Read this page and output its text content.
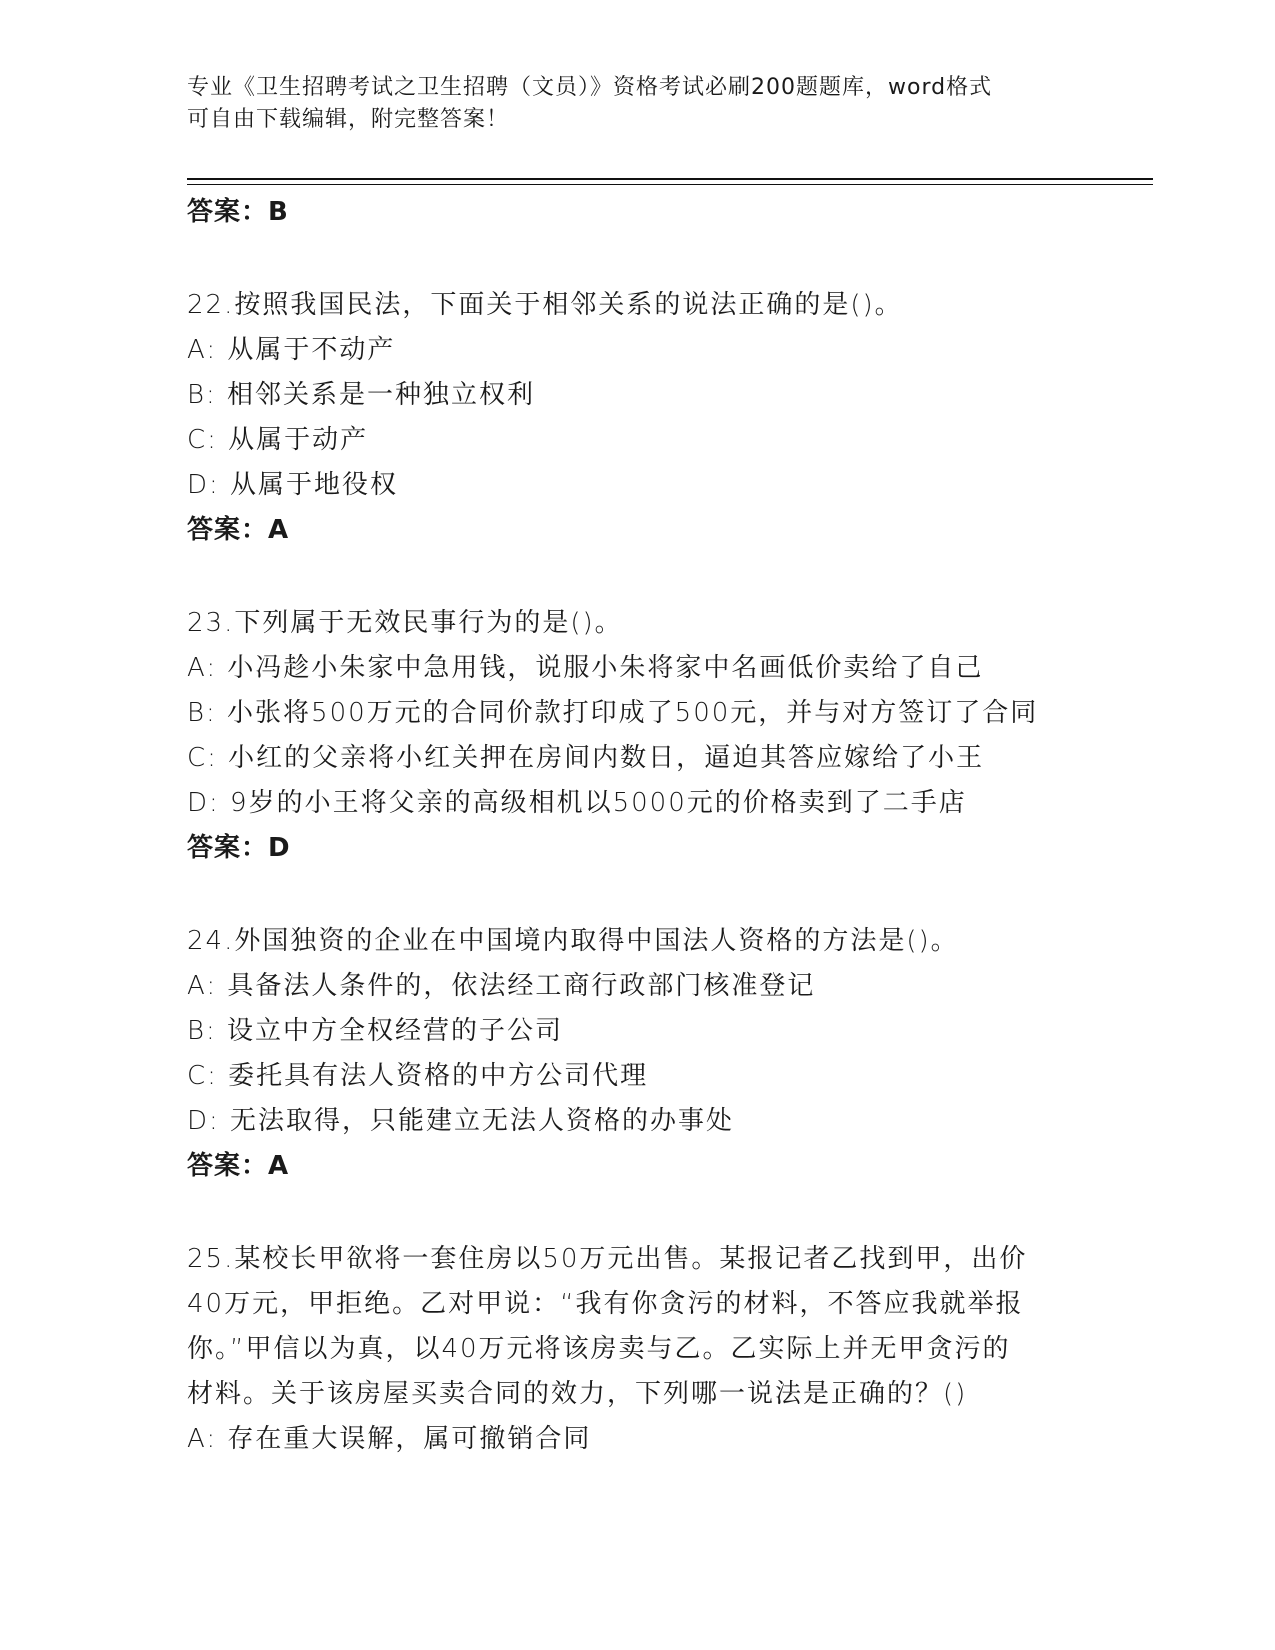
专业《卫生招聘考试之卫生招聘（文员）》资格考试必刷200题题库，word格式
可自由下载编辑，附完整答案！
答案：B
22.按照我国民法，下面关于相邻关系的说法正确的是()。
A: 从属于不动产
B: 相邻关系是一种独立权利
C: 从属于动产
D: 从属于地役权
答案：A
23.下列属于无效民事行为的是()。
A: 小冯趁小朱家中急用钱，说服小朱将家中名画低价卖给了自己
B: 小张将500万元的合同价款打印成了500元，并与对方签订了合同
C: 小红的父亲将小红关押在房间内数日，逼迫其答应嫁给了小王
D: 9岁的小王将父亲的高级相机以5000元的价格卖到了二手店
答案：D
24.外国独资的企业在中国境内取得中国法人资格的方法是()。
A: 具备法人条件的，依法经工商行政部门核准登记
B: 设立中方全权经营的子公司
C: 委托具有法人资格的中方公司代理
D: 无法取得，只能建立无法人资格的办事处
答案：A
25.某校长甲欲将一套住房以50万元出售。某报记者乙找到甲，出价
40万元，甲拒绝。乙对甲说：“我有你贪污的材料，不答应我就举报
你。”甲信以为真，以40万元将该房卖与乙。乙实际上并无甲贪污的
材料。关于该房屋买卖合同的效力，下列哪一说法是正确的？()
A: 存在重大误解，属可撤销合同
